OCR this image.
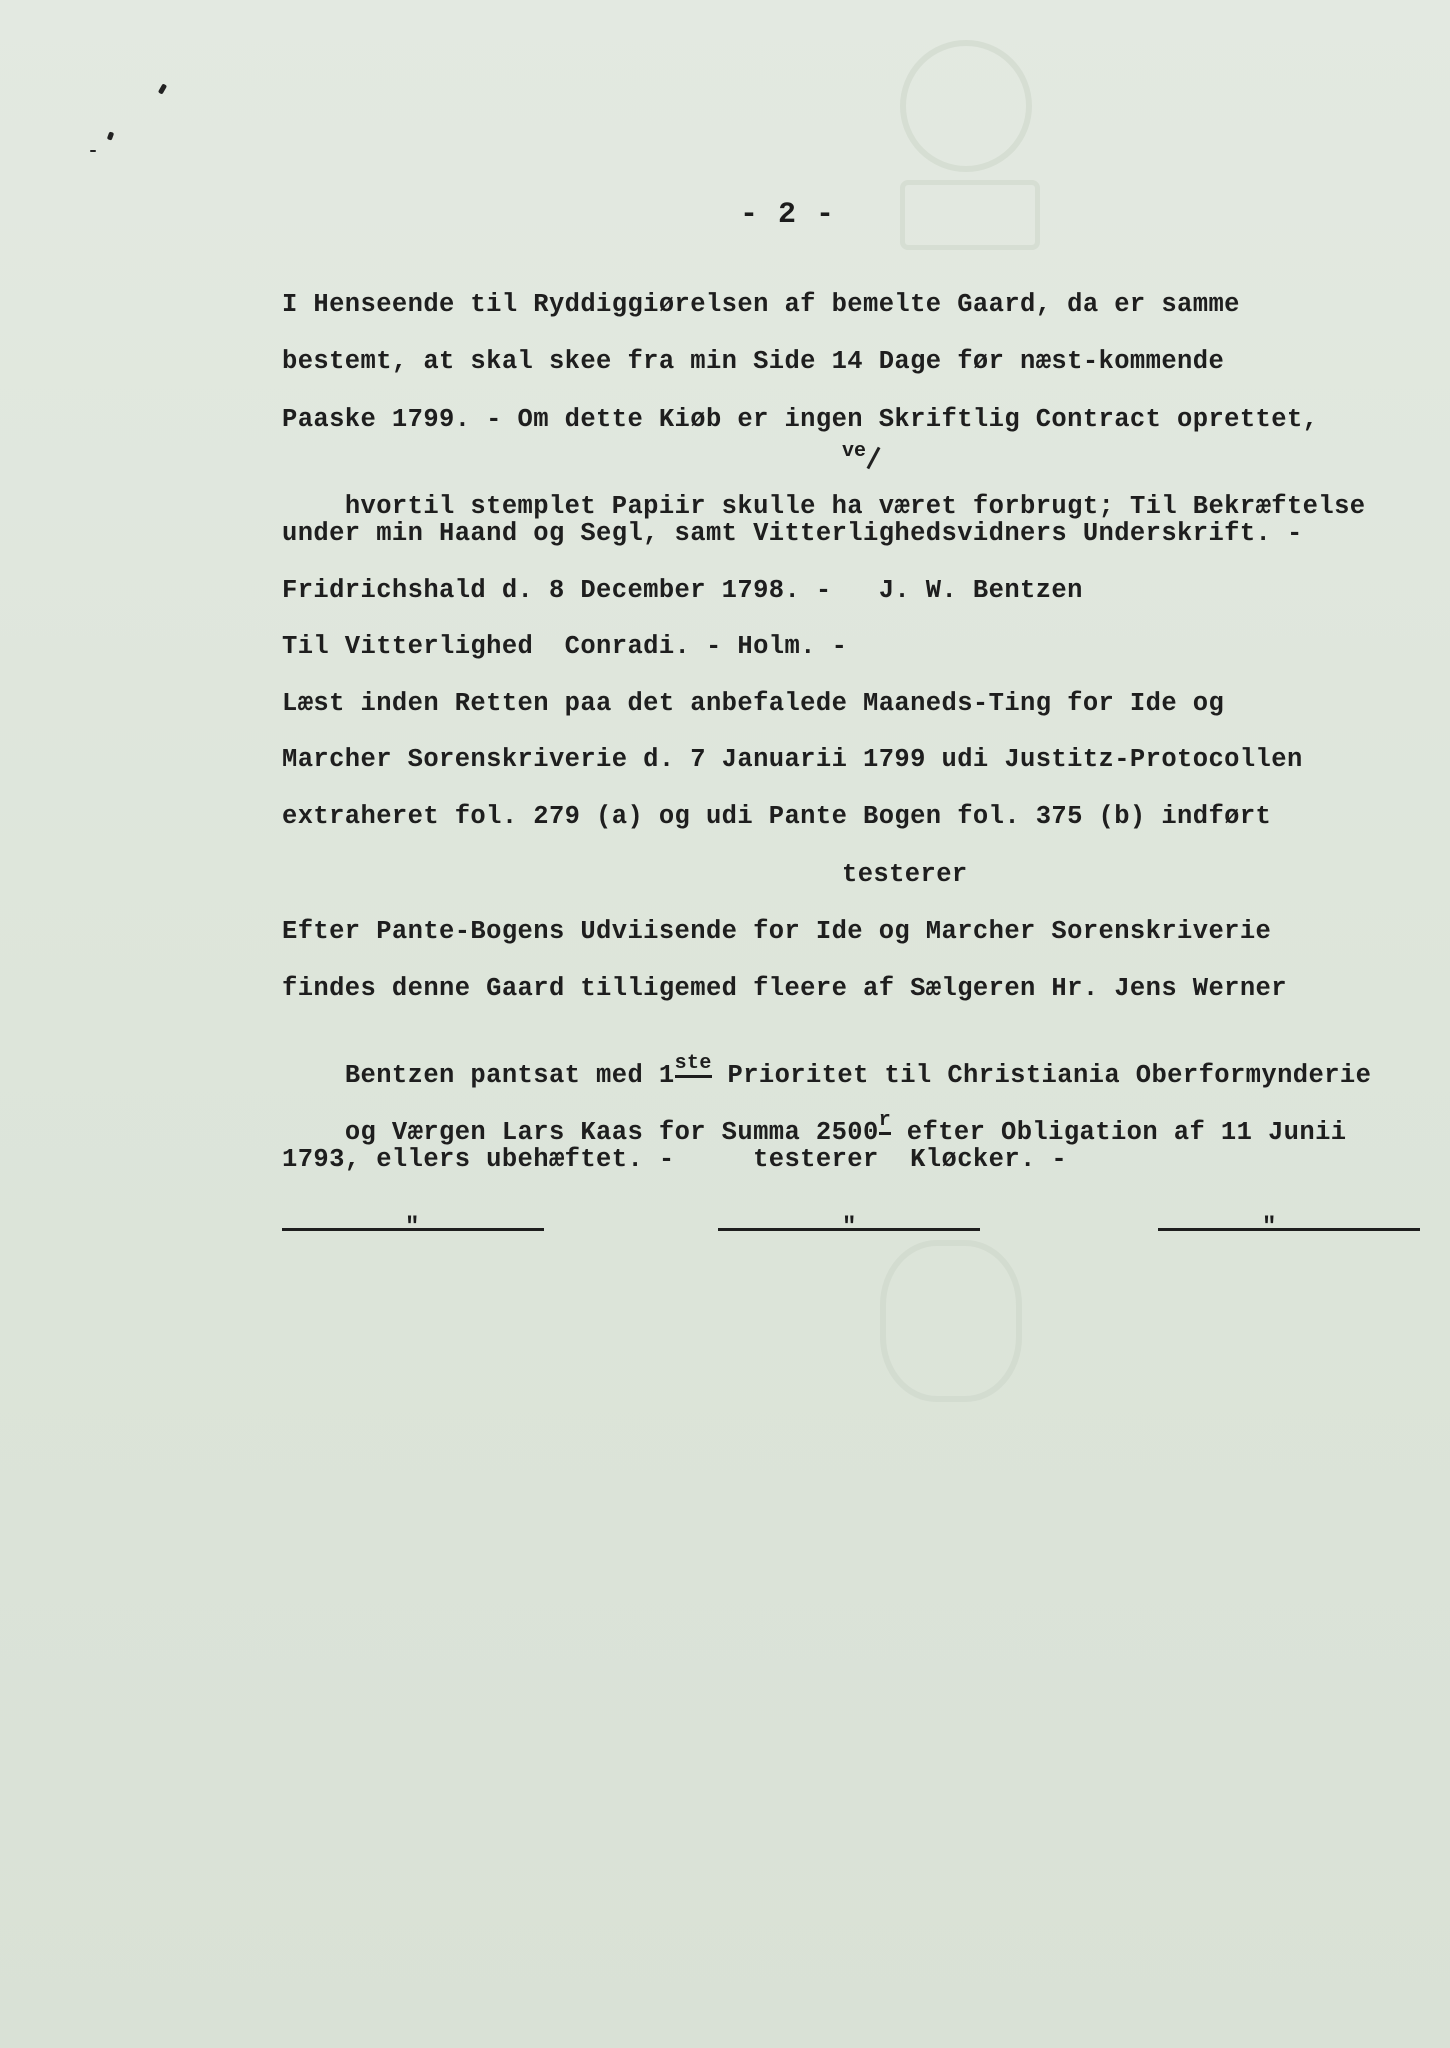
- 2 -
I Henseende til Ryddiggiørelsen af bemelte Gaard, da er samme
bestemt, at skal skee fra min Side 14 Dage før næst-kommende
Paaske 1799. - Om dette Kiøb er ingen Skriftlig Contract oprettet,

hvortil stemplet Papiir skulle ha været forbrugt; Til Bekræftelse

ve
under min Haand og Segl, samt Vitterlighedsvidners Underskrift. -
Fridrichshald d. 8 December 1798. -   J. W. Bentzen
Til Vitterlighed  Conradi. - Holm. -
Læst inden Retten paa det anbefalede Maaneds-Ting for Ide og
Marcher Sorenskriverie d. 7 Januarii 1799 udi Justitz-Protocollen
extraheret fol. 279 (a) og udi Pante Bogen fol. 375 (b) indført
testerer
Efter Pante-Bogens Udviisende for Ide og Marcher Sorenskriverie
findes denne Gaard tilligemed fleere af Sælgeren Hr. Jens Werner

Bentzen pantsat med 1ste Prioritet til Christiania Oberformynderie

og Værgen Lars Kaas for Summa 2500$^r$ efter Obligation af 11 Junii

1793, ellers ubehæftet. -     testerer  Kløcker. -
"	"	"
